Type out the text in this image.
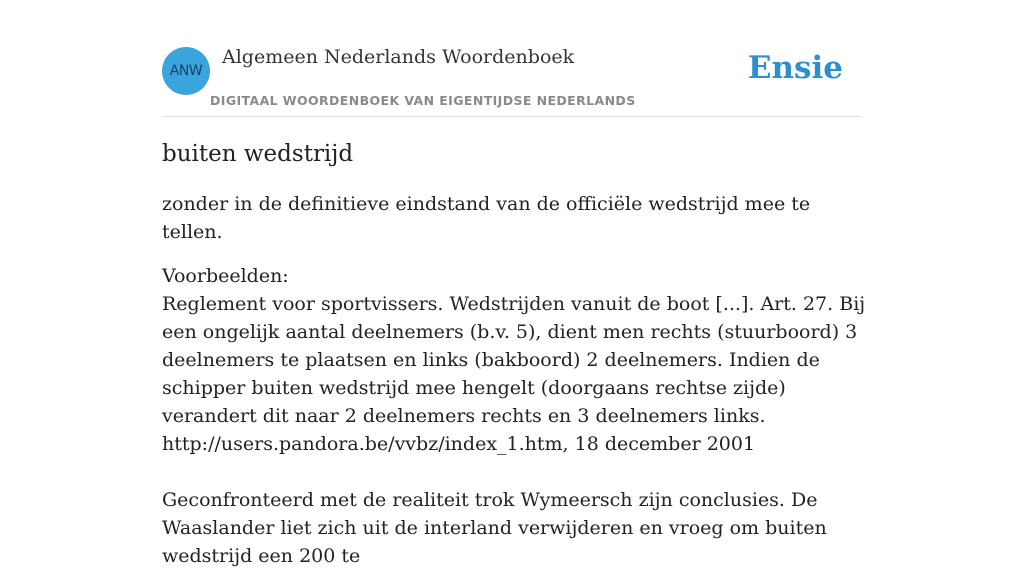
ANW
Algemeen Nederlands Woordenboek
DIGITAAL WOORDENBOEK VAN EIGENTIJDSE NEDERLANDS
Ensie
buiten wedstrijd

zonder in de definitieve eindstand van de officiële wedstrijd mee te tellen.

Voorbeelden:

Reglement voor sportvissers. Wedstrijden vanuit de boot [...]. Art. 27. Bij een ongelijk aantal deelnemers (b.v. 5), dient men rechts (stuurboord) 3 deelnemers te plaatsen en links (bakboord) 2 deelnemers. Indien de schipper buiten wedstrijd mee hengelt (doorgaans rechtse zijde) verandert dit naar 2 deelnemers rechts en 3 deelnemers links.

http://users.pandora.be/vvbz/index_1.htm, 18 december 2001

Geconfronteerd met de realiteit trok Wymeersch zijn conclusies. De Waaslander liet zich uit de interland verwijderen en vroeg om buiten wedstrijd een 200 te
